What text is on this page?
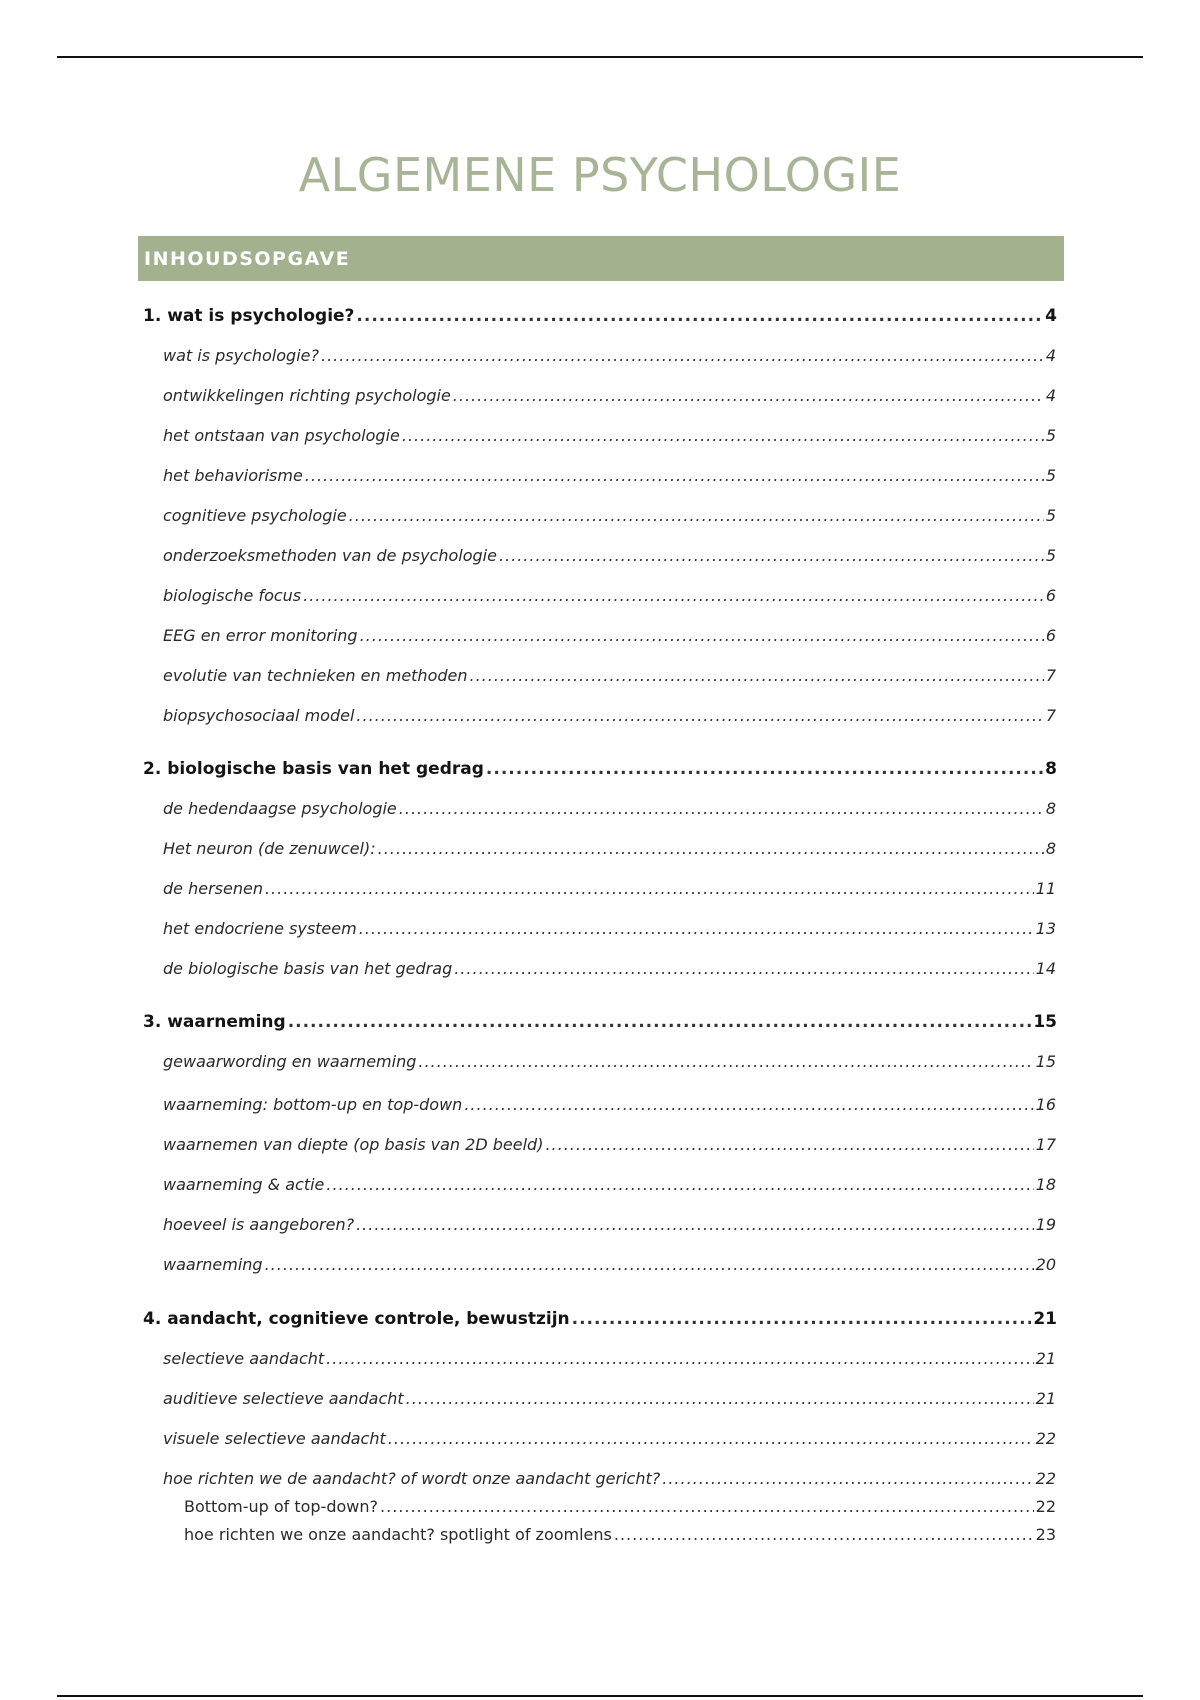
ALGEMENE PSYCHOLOGIE
INHOUDSOPGAVE
1. wat is psychologie? .....	4
wat is psychologie? .....	4
ontwikkelingen richting psychologie .....	4
het ontstaan van psychologie .....	5
het behaviorisme .....	5
cognitieve psychologie .....	5
onderzoeksmethoden van de psychologie .....	5
biologische focus .....	6
EEG en error monitoring .....	6
evolutie van technieken en methoden .....	7
biopsychosociaal model .....	7
2. biologische basis van het gedrag .....	8
de hedendaagse psychologie .....	8
Het neuron (de zenuwcel): .....	8
de hersenen .....	11
het endocriene systeem .....	13
de biologische basis van het gedrag .....	14
3. waarneming .....	15
gewaarwording en waarneming .....	15
waarneming: bottom-up en top-down .....	16
waarnemen van diepte (op basis van 2D beeld) .....	17
waarneming & actie .....	18
hoeveel is aangeboren? .....	19
waarneming .....	20
4. aandacht, cognitieve controle, bewustzijn .....	21
selectieve aandacht .....	21
auditieve selectieve aandacht .....	21
visuele selectieve aandacht .....	22
hoe richten we de aandacht? of wordt onze aandacht gericht? .....	22
Bottom-up of top-down? .....	22
hoe richten we onze aandacht? spotlight of zoomlens .....	23
